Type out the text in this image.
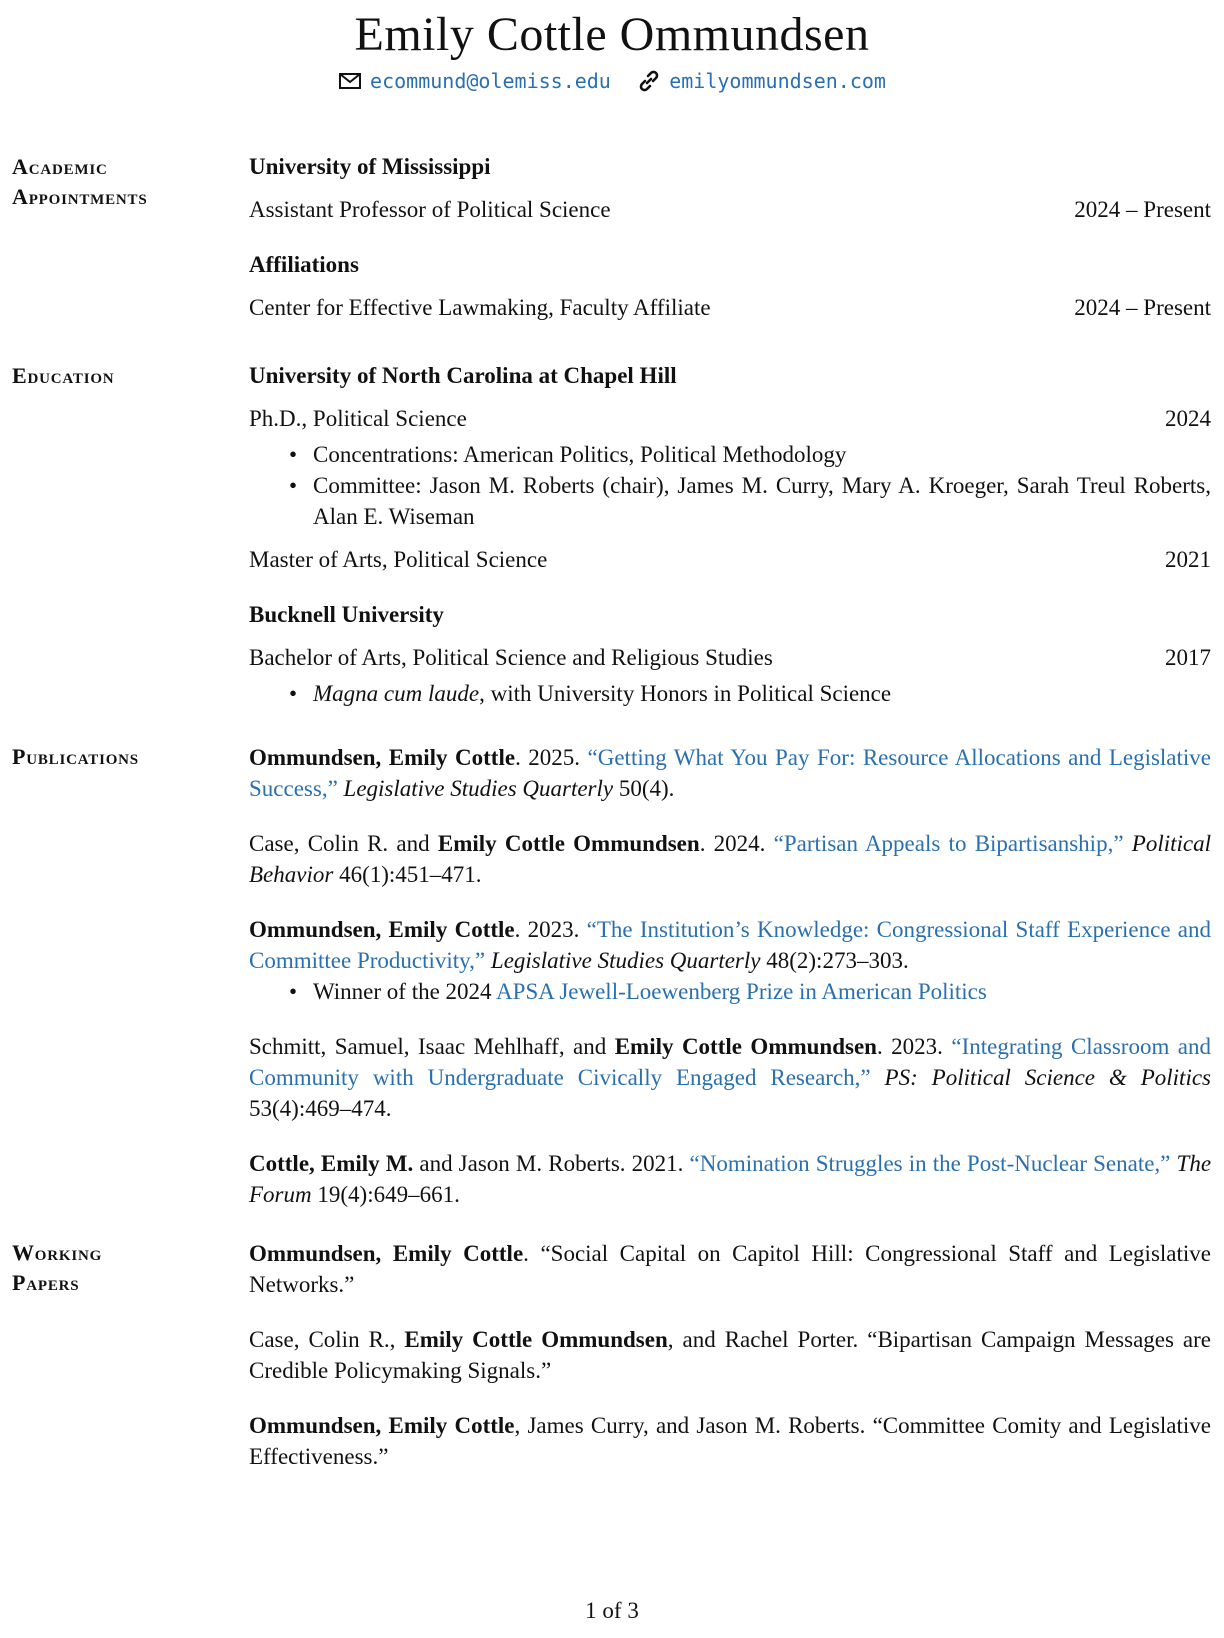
Emily Cottle Ommundsen
ecommund@olemiss.edu
	emilyommundsen.com
Academic
Appointments
University of Mississippi
Assistant Professor of Political Science	2024 – Present
Affiliations
Center for Effective Lawmaking, Faculty Affiliate	2024 – Present
Education	University of North Carolina at Chapel Hill
Ph.D., Political Science	2024
• Concentrations: American Politics, Political Methodology
• Committee: Jason M. Roberts (chair), James M. Curry, Mary A. Kroeger, Sarah Treul Roberts, Alan E. Wiseman
Master of Arts, Political Science	2021
Bucknell University
Bachelor of Arts, Political Science and Religious Studies	2017
• Magna cum laude, with University Honors in Political Science
Publications	Ommundsen, Emily Cottle. 2025. “Getting What You Pay For: Resource Allocations and Legislative Success,” Legislative Studies Quarterly 50(4).
Case, Colin R. and Emily Cottle Ommundsen. 2024. “Partisan Appeals to Bipartisanship,” Political Behavior 46(1):451–471.
Ommundsen, Emily Cottle. 2023. “The Institution’s Knowledge: Congressional Staff Experience and Committee Productivity,” Legislative Studies Quarterly 48(2):273–303.
• Winner of the 2024 APSA Jewell-Loewenberg Prize in American Politics
Schmitt, Samuel, Isaac Mehlhaff, and Emily Cottle Ommundsen. 2023. “Integrating Classroom and Community with Undergraduate Civically Engaged Research,” PS: Political Science & Politics 53(4):469–474.
Cottle, Emily M. and Jason M. Roberts. 2021. “Nomination Struggles in the Post-Nuclear Senate,” The Forum 19(4):649–661.
Working
Papers
Ommundsen, Emily Cottle. “Social Capital on Capitol Hill: Congressional Staff and Legislative Networks.”
Case, Colin R., Emily Cottle Ommundsen, and Rachel Porter. “Bipartisan Campaign Messages are Credible Policymaking Signals.”
Ommundsen, Emily Cottle, James Curry, and Jason M. Roberts. “Committee Comity and Legislative Effectiveness.”
1 of 3
